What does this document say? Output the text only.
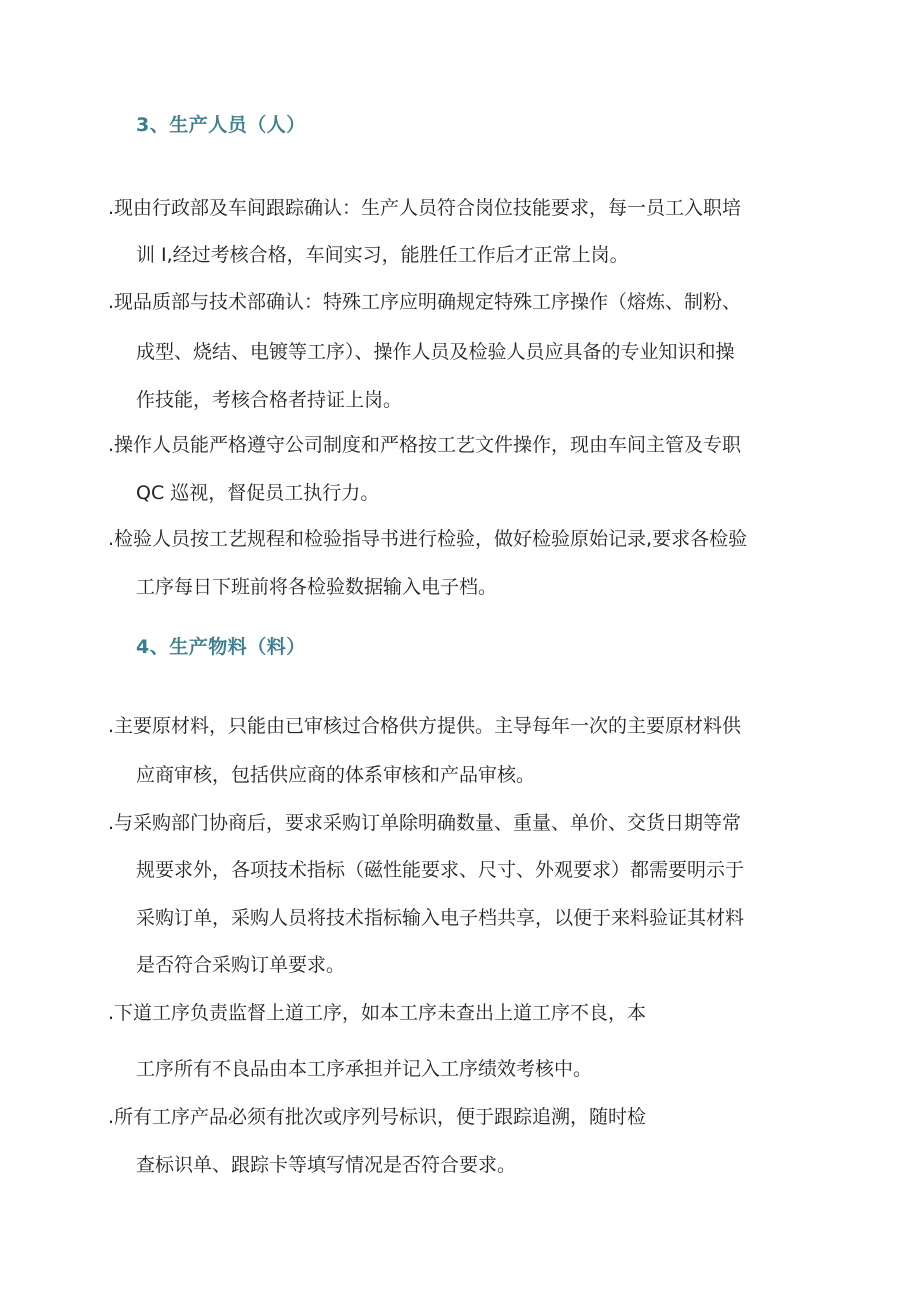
3、生产人员（人）
.现由行政部及车间跟踪确认：生产人员符合岗位技能要求，每一员工入职培
训 I,经过考核合格，车间实习，能胜任工作后才正常上岗。
.现品质部与技术部确认：特殊工序应明确规定特殊工序操作（熔炼、制粉、
成型、烧结、电镀等工序）、操作人员及检验人员应具备的专业知识和操
作技能，考核合格者持证上岗。
.操作人员能严格遵守公司制度和严格按工艺文件操作，现由车间主管及专职
QC 巡视，督促员工执行力。
.检验人员按工艺规程和检验指导书进行检验，做好检验原始记录,要求各检验
工序每日下班前将各检验数据输入电子档。
4、生产物料（料）
.主要原材料，只能由已审核过合格供方提供。主导每年一次的主要原材料供
应商审核，包括供应商的体系审核和产品审核。
.与采购部门协商后，要求采购订单除明确数量、重量、单价、交货日期等常
规要求外，各项技术指标（磁性能要求、尺寸、外观要求）都需要明示于
采购订单，采购人员将技术指标输入电子档共享，以便于来料验证其材料
是否符合采购订单要求。
.下道工序负责监督上道工序，如本工序未查出上道工序不良，本
工序所有不良品由本工序承担并记入工序绩效考核中。
.所有工序产品必须有批次或序列号标识，便于跟踪追溯，随时检
查标识单、跟踪卡等填写情况是否符合要求。
